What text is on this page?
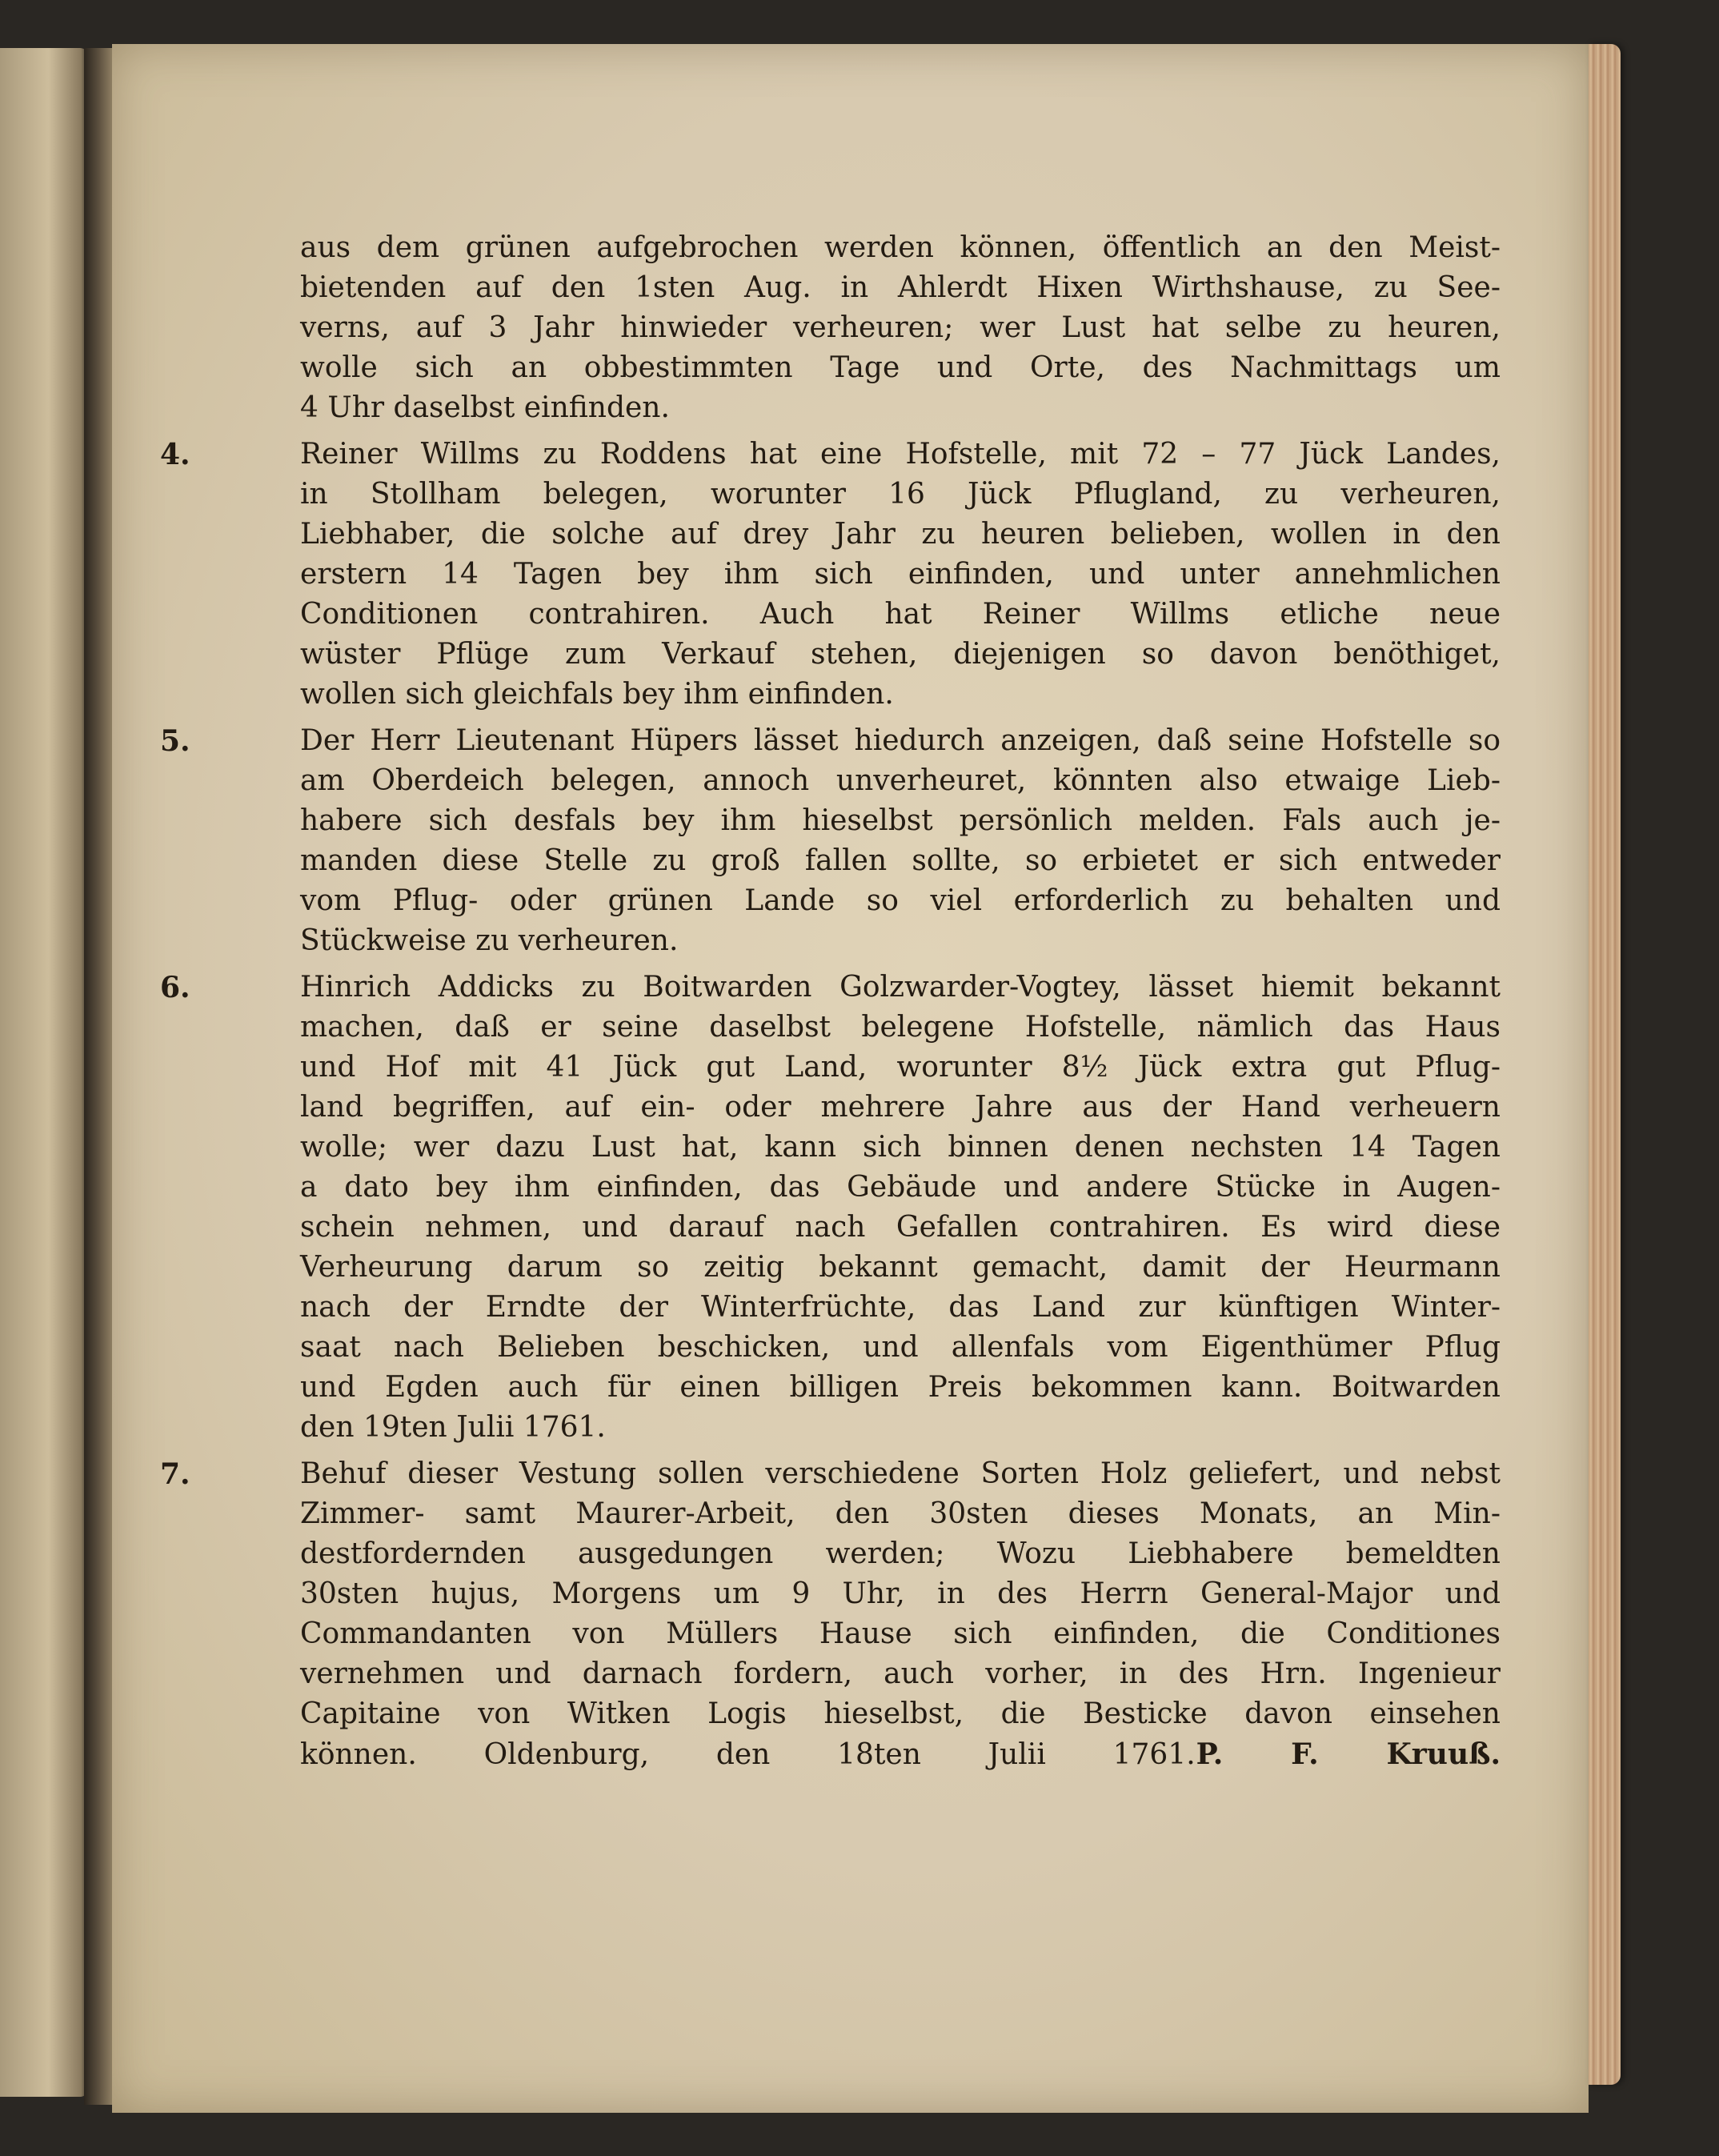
aus dem grünen aufgebrochen werden können, öffentlich an den Meist-
bietenden auf den 1sten Aug. in Ahlerdt Hixen Wirthshause, zu See-
verns, auf 3 Jahr hinwieder verheuren; wer Lust hat selbe zu heuren,
wolle sich an obbestimmten Tage und Orte, des Nachmittags um
4 Uhr daselbst einfinden.
4.	Reiner Willms zu Roddens hat eine Hofstelle, mit 72 – 77 Jück Landes,
in Stollham belegen, worunter 16 Jück Pflugland, zu verheuren,
Liebhaber, die solche auf drey Jahr zu heuren belieben, wollen in den
erstern 14 Tagen bey ihm sich einfinden, und unter annehmlichen
Conditionen contrahiren. Auch hat Reiner Willms etliche neue
wüster Pflüge zum Verkauf stehen, diejenigen so davon benöthiget,
wollen sich gleichfals bey ihm einfinden.
5.	Der Herr Lieutenant Hüpers lässet hiedurch anzeigen, daß seine Hofstelle so
am Oberdeich belegen, annoch unverheuret, könnten also etwaige Lieb-
habere sich desfals bey ihm hieselbst persönlich melden. Fals auch je-
manden diese Stelle zu groß fallen sollte, so erbietet er sich entweder
vom Pflug- oder grünen Lande so viel erforderlich zu behalten und
Stückweise zu verheuren.
6.	Hinrich Addicks zu Boitwarden Golzwarder-Vogtey, lässet hiemit bekannt
machen, daß er seine daselbst belegene Hofstelle, nämlich das Haus
und Hof mit 41 Jück gut Land, worunter 8½ Jück extra gut Pflug-
land begriffen, auf ein- oder mehrere Jahre aus der Hand verheuern
wolle; wer dazu Lust hat, kann sich binnen denen nechsten 14 Tagen
a dato bey ihm einfinden, das Gebäude und andere Stücke in Augen-
schein nehmen, und darauf nach Gefallen contrahiren. Es wird diese
Verheurung darum so zeitig bekannt gemacht, damit der Heurmann
nach der Erndte der Winterfrüchte, das Land zur künftigen Winter-
saat nach Belieben beschicken, und allenfals vom Eigenthümer Pflug
und Egden auch für einen billigen Preis bekommen kann. Boitwarden
den 19ten Julii 1761.
7.	Behuf dieser Vestung sollen verschiedene Sorten Holz geliefert, und nebst
Zimmer- samt Maurer-Arbeit, den 30sten dieses Monats, an Min-
destfordernden ausgedungen werden; Wozu Liebhabere bemeldten
30sten hujus, Morgens um 9 Uhr, in des Herrn General-Major und
Commandanten von Müllers Hause sich einfinden, die Conditiones
vernehmen und darnach fordern, auch vorher, in des Hrn. Ingenieur
Capitaine von Witken Logis hieselbst, die Besticke davon einsehen
können. Oldenburg, den 18ten Julii 1761.P. F. Kruuß.
